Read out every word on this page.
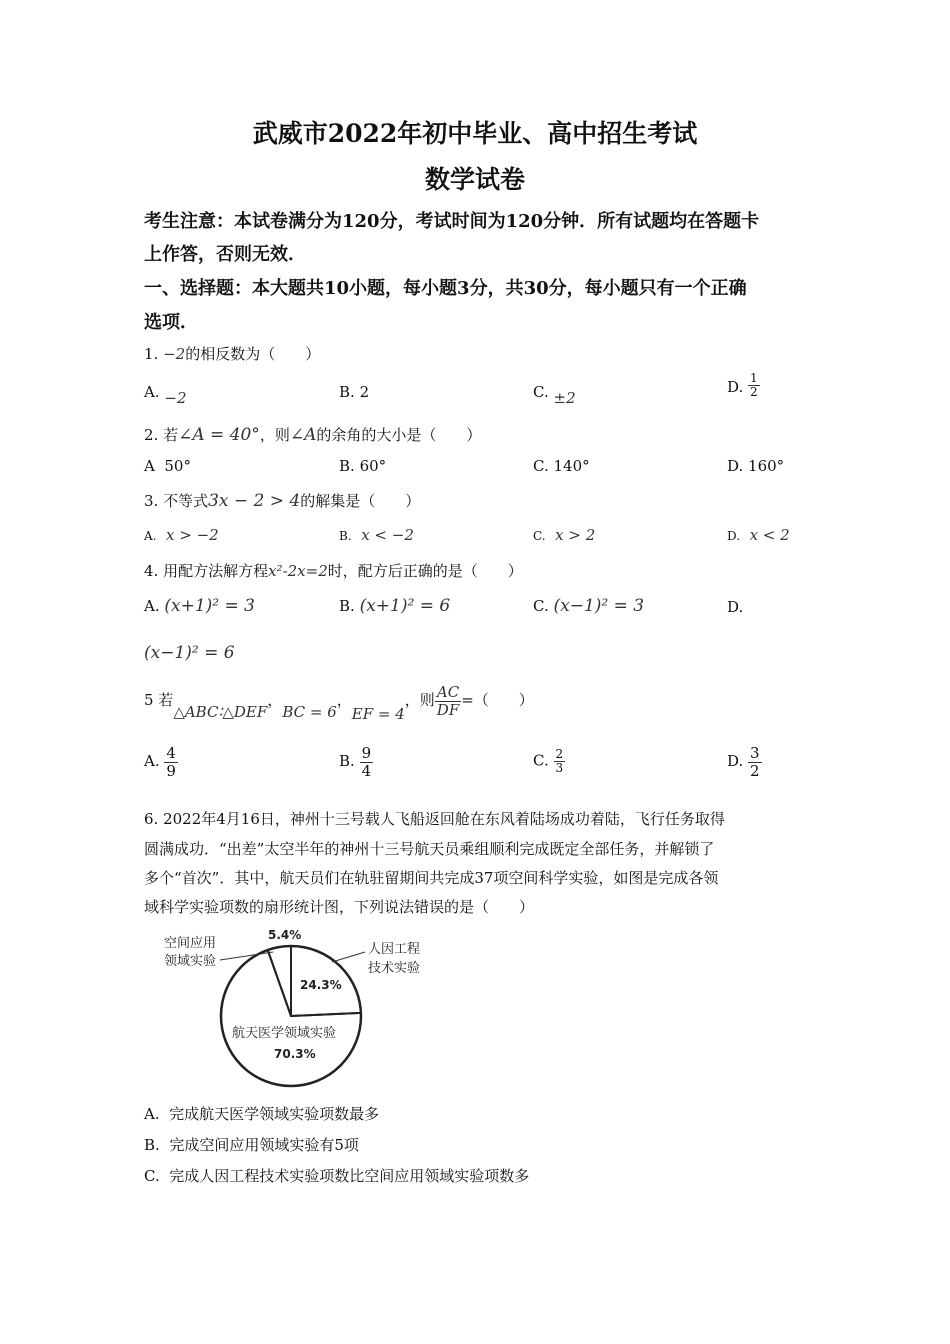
武威市2022年初中毕业、高中招生考试
数学试卷
考生注意：本试卷满分为120分，考试时间为120分钟．所有试题均在答题卡
上作答，否则无效．
一、选择题：本大题共10小题，每小题3分，共30分，每小题只有一个正确
选项．
1. −2的相反数为（　　）
A. −2	B. 2	C. ±2
D. $\frac{1}{2}$
2. 若∠A = 40°，则∠A的余角的大小是（　　）
A 50°	B. 60°	C. 140°	D. 160°
3. 不等式3x − 2 > 4的解集是（　　）
A. x > −2	B. x < −2	C. x > 2	D. x < 2
4. 用配方法解方程x²-2x=2时，配方后正确的是（　　）
A. (x+1)² = 3	B. (x+1)² = 6	C. (x−1)² = 3	D.
(x−1)² = 6
5 若△ABC∶△DEF，BC = 6，EF = 4，则 $\frac{AC}{DF}$ =（　　）
A. $\frac{4}{9}$	B. $\frac{9}{4}$	C. $\frac{2}{3}$	D. $\frac{3}{2}$
6. 2022年4月16日，神州十三号载人飞船返回舱在东风着陆场成功着陆，飞行任务取得
圆满成功．“出差”太空半年的神州十三号航天员乘组顺利完成既定全部任务，并解锁了
多个“首次”．其中，航天员们在轨驻留期间共完成37项空间科学实验，如图是完成各领
域科学实验项数的扇形统计图，下列说法错误的是（　　）
空间应用
领域实验
5.4%
人因工程
技术实验
24.3%
航天医学领域实验
70.3%
A. 完成航天医学领域实验项数最多
B. 完成空间应用领域实验有5项
C. 完成人因工程技术实验项数比空间应用领域实验项数多
